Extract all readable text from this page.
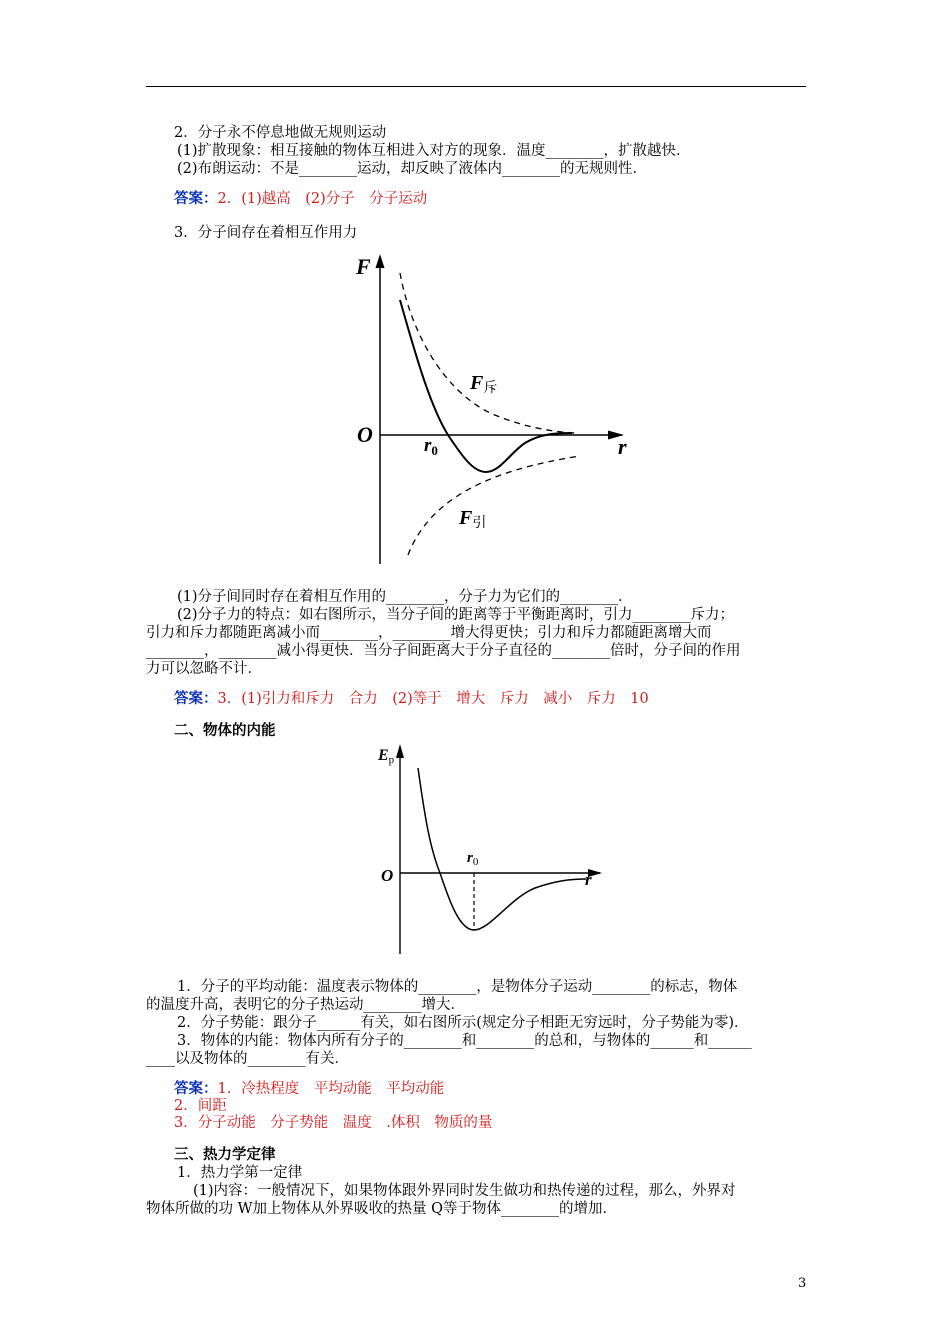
2．分子永不停息地做无规则运动
(1)扩散现象：相互接触的物体互相进入对方的现象．温度________，扩散越快．
(2)布朗运动：不是________运动，却反映了液体内________的无规则性．
答案：2．(1)越高　(2)分子　分子运动
3．分子间存在着相互作用力
F
O	r
$r_0$
F斥
F引
(1)分子间同时存在着相互作用的________，分子力为它们的________．
(2)分子力的特点：如右图所示，当分子间的距离等于平衡距离时，引力________斥力；
引力和斥力都随距离减小而________，________增大得更快；引力和斥力都随距离增大而
________，________减小得更快．当分子间距离大于分子直径的________倍时，分子间的作用
力可以忽略不计．
答案：3．(1)引力和斥力　合力　(2)等于　增大　斥力　减小　斥力　10
二、物体的内能
Ep
O	r
$r_0$
1．分子的平均动能：温度表示物体的________，是物体分子运动________的标志，物体
的温度升高，表明它的分子热运动________增大．
2．分子势能：跟分子______有关，如右图所示(规定分子相距无穷远时，分子势能为零)．
3．物体的内能：物体内所有分子的________和________的总和，与物体的______和______
____以及物体的________有关．
答案：1．冷热程度　平均动能　平均动能
2．间距
3．分子动能　分子势能　温度　.体积　物质的量
三、热力学定律
1．热力学第一定律
(1)内容：一般情况下，如果物体跟外界同时发生做功和热传递的过程，那么，外界对
物体所做的功 W加上物体从外界吸收的热量 Q等于物体________的增加．
3
